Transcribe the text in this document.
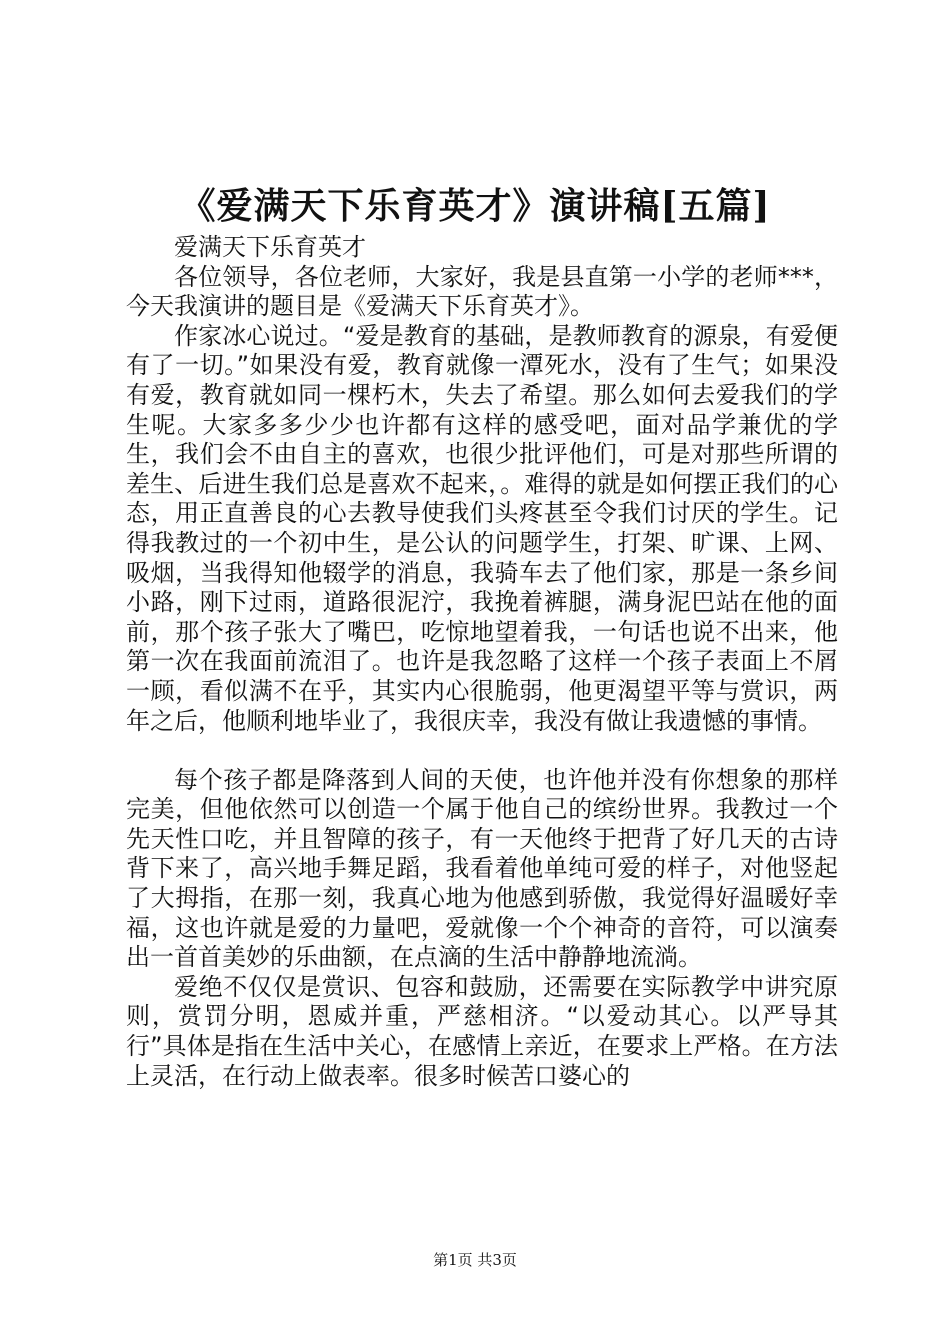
《爱满天下乐育英才》演讲稿[五篇]

爱满天下乐育英才

各位领导，各位老师，大家好，我是县直第一小学的老师***，今天我演讲的题目是《爱满天下乐育英才》。

作家冰心说过。“爱是教育的基础，是教师教育的源泉，有爱便有了一切。”如果没有爱，教育就像一潭死水，没有了生气；如果没有爱，教育就如同一棵朽木，失去了希望。那么如何去爱我们的学生呢。大家多多少少也许都有这样的感受吧，面对品学兼优的学生，我们会不由自主的喜欢，也很少批评他们，可是对那些所谓的差生、后进生我们总是喜欢不起来，。难得的就是如何摆正我们的心态，用正直善良的心去教导使我们头疼甚至令我们讨厌的学生。记得我教过的一个初中生，是公认的问题学生，打架、旷课、上网、吸烟，当我得知他辍学的消息，我骑车去了他们家，那是一条乡间小路，刚下过雨，道路很泥泞，我挽着裤腿，满身泥巴站在他的面前，那个孩子张大了嘴巴，吃惊地望着我，一句话也说不出来，他第一次在我面前流泪了。也许是我忽略了这样一个孩子表面上不屑一顾，看似满不在乎，其实内心很脆弱，他更渴望平等与赏识，两年之后，他顺利地毕业了，我很庆幸，我没有做让我遗憾的事情。

每个孩子都是降落到人间的天使，也许他并没有你想象的那样完美，但他依然可以创造一个属于他自己的缤纷世界。我教过一个先天性口吃，并且智障的孩子，有一天他终于把背了好几天的古诗背下来了，高兴地手舞足蹈，我看着他单纯可爱的样子，对他竖起了大拇指，在那一刻，我真心地为他感到骄傲，我觉得好温暖好幸福，这也许就是爱的力量吧，爱就像一个个神奇的音符，可以演奏出一首首美妙的乐曲额，在点滴的生活中静静地流淌。

爱绝不仅仅是赏识、包容和鼓励，还需要在实际教学中讲究原则，赏罚分明，恩威并重，严慈相济。“以爱动其心。以严导其行”具体是指在生活中关心，在感情上亲近，在要求上严格。在方法上灵活，在行动上做表率。很多时候苦口婆心的

第1页 共3页
